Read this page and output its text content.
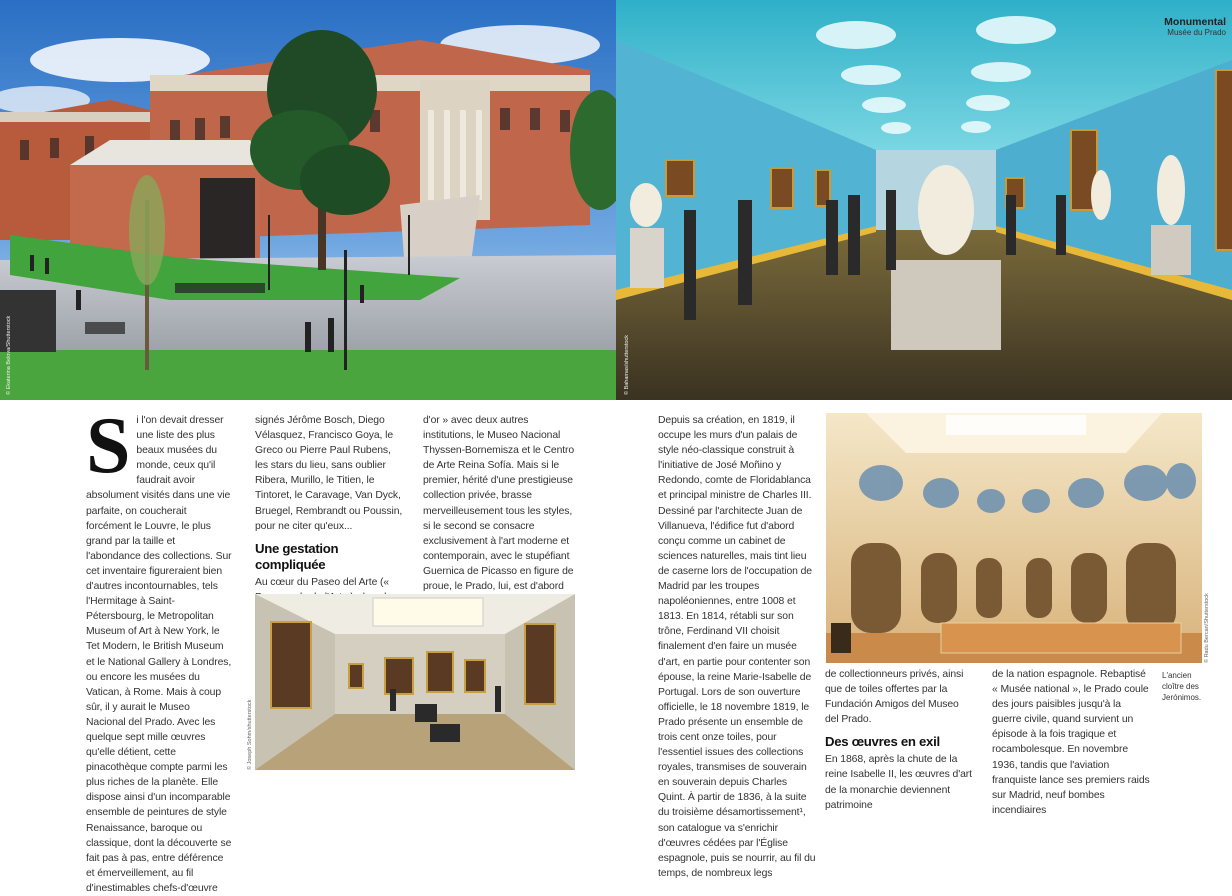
© Ekaterina Belova/Shutterstock	© Bahamas/shutterstock
Monumental
Musée du Prado
S i l'on devait dresser une liste des plus beaux musées du monde, ceux qu'il faudrait avoir absolument visités dans une vie parfaite, on coucherait forcément le Louvre, le plus grand par la taille et l'abondance des collections. Sur cet inventaire figureraient bien d'autres incontournables, tels l'Hermitage à Saint-Pétersbourg, le Metropolitan Museum of Art à New York, le Tet Modern, le British Museum et le National Gallery à Londres, ou encore les musées du Vatican, à Rome. Mais à coup sûr, il y aurait le Museo Nacional del Prado. Avec les quelque sept mille œuvres qu'elle détient, cette pinacothèque compte parmi les plus riches de la planète. Elle dispose ainsi d'un incomparable ensemble de peintures de style Renaissance, baroque ou classique, dont la découverte se fait pas à pas, entre déférence et émerveillement, au fil d'inestimables chefs-d'œuvre

signés Jérôme Bosch, Diego Vélasquez, Francisco Goya, le Greco ou Pierre Paul Rubens, les stars du lieu, sans oublier Ribera, Murillo, le Titien, le Tintoret, le Caravage, Van Dyck, Bruegel, Rembrandt ou Poussin, pour ne citer qu'eux...

Une gestation compliquée

Au cœur du Paseo del Arte («

d'or » avec deux autres institutions, le Museo Nacional Thyssen-Bornemisza et le Centro de Arte Reina Sofía. Mais si le premier, hérité d'une prestigieuse collection privée, brasse merveilleusement tous les styles, si le second se consacre exclusivement à l'art moderne et contemporain, avec le stupéfiant Guernica de Picasso en figure de proue, le Prado, lui, est d'abord

© Joseph Sohm/shutterstock

Depuis sa création, en 1819, il occupe les murs d'un palais de style néo-classique construit à l'initiative de José Moñino y Redondo, comte de Floridablanca et principal ministre de Charles III. Dessiné par l'architecte Juan de Villanueva, l'édifice fut d'abord conçu comme un cabinet de sciences naturelles, mais tint lieu de caserne lors de l'occupation de Madrid par les troupes napoléoniennes, entre 1008 et 1813. En 1814, rétabli sur son trône, Ferdinand VII choisit finalement d'en faire un musée d'art, en partie pour contenter son épouse, la reine Marie-Isabelle de Portugal. Lors de son ouverture officielle, le 18 novembre 1819, le Prado présente un ensemble de trois cent onze toiles, pour l'essentiel issues des collections royales, transmises de souverain en souverain depuis Charles Quint. À partir de 1836, à la suite du troisième désamortissement¹, son catalogue va s'enrichir d'œuvres cédées par l'Église espagnole, puis se nourrir, au fil du temps, de nombreux legs

© Radu Bercan/Shutterstock
L'ancien cloître des Jerónimos.

de collectionneurs privés, ainsi que de toiles offertes par la Fundación Amigos del Museo del Prado.

Des œuvres en exil

En 1868, après la chute de la reine Isabelle II, les œuvres d'art de la monarchie deviennent patrimoine

de la nation espagnole. Rebaptisé « Musée national », le Prado coule des jours paisibles jusqu'à la guerre civile, quand survient un épisode à la fois tragique et rocambolesque. En novembre 1936, tandis que l'aviation franquiste lance ses premiers raids sur Madrid, neuf bombes incendiaires
